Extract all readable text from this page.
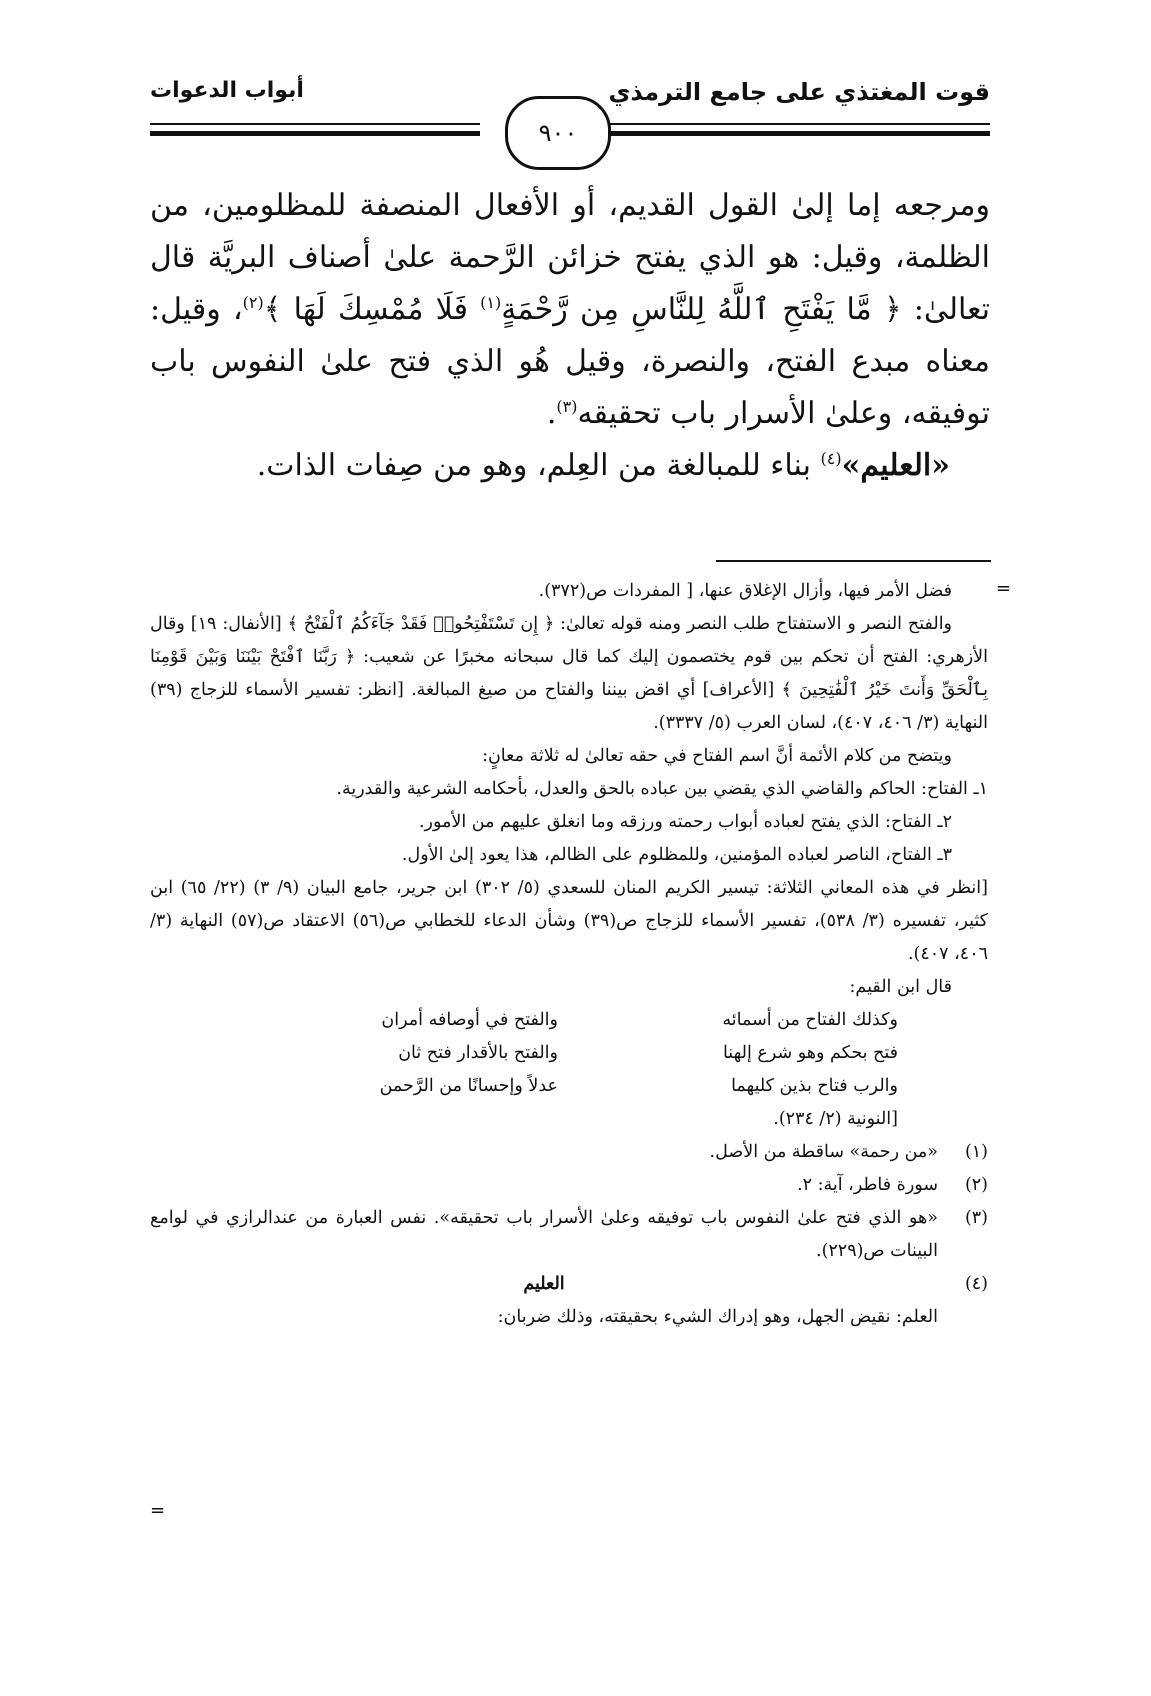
قوت المغتذي على جامع الترمذي
أبواب الدعوات
٩٠٠

ومرجعه إما إلىٰ القول القديم، أو الأفعال المنصفة للمظلومين، من الظلمة، وقيل: هو الذي يفتح خزائن الرَّحمة علىٰ أصناف البريَّة قال تعالىٰ: ﴿ مَّا يَفْتَحِ ٱللَّهُ لِلنَّاسِ مِن رَّحْمَةٍ$^{(١)}$ فَلَا مُمْسِكَ لَهَا ﴾$^{(٢)}$، وقيل: معناه مبدع الفتح، والنصرة، وقيل هُو الذي فتح علىٰ النفوس باب توفيقه، وعلىٰ الأسرار باب تحقيقه$^{(٣)}$.

«العليم»$^{(٤)}$ بناء للمبالغة من العِلم، وهو من صِفات الذات.

=

فضل الأمر فيها، وأزال الإغلاق عنها، [ المفردات ص(٣٧٢).

والفتح النصر و الاستفتاح طلب النصر ومنه قوله تعالىٰ: ﴿ إِن تَسْتَفْتِحُوا۟ فَقَدْ جَآءَكُمُ ٱلْفَتْحُ ﴾ [الأنفال: ١٩] وقال الأزهري: الفتح أن تحكم بين قوم يختصمون إليك كما قال سبحانه مخبرًا عن شعيب: ﴿ رَبَّنَا ٱفْتَحْ بَيْنَنَا وَبَيْنَ قَوْمِنَا بِٱلْحَقِّ وَأَنتَ خَيْرُ ٱلْفَٰتِحِينَ ﴾ [الأعراف] أي اقض بيننا والفتاح من صيغ المبالغة. [انظر: تفسير الأسماء للزجاج (٣٩) النهاية (٣/ ٤٠٦، ٤٠٧)، لسان العرب (٥/ ٣٣٣٧).

ويتضح من كلام الأئمة أنَّ اسم الفتاح في حقه تعالىٰ له ثلاثة معانٍ:

١ـ الفتاح: الحاكم والقاضي الذي يقضي بين عباده بالحق والعدل، بأحكامه الشرعية والقدرية.

٢ـ الفتاح: الذي يفتح لعباده أبواب رحمته ورزقه وما انغلق عليهم من الأمور.

٣ـ الفتاح، الناصر لعباده المؤمنين، وللمظلوم على الظالم، هذا يعود إلىٰ الأول.

[انظر في هذه المعاني الثلاثة: تيسير الكريم المنان للسعدي (٥/ ٣٠٢) ابن جرير، جامع البيان (٩/ ٣) (٢٢/ ٦٥) ابن كثير، تفسيره (٣/ ٥٣٨)، تفسير الأسماء للزجاج ص(٣٩) وشأن الدعاء للخطابي ص(٥٦) الاعتقاد ص(٥٧) النهاية (٣/ ٤٠٦، ٤٠٧).

قال ابن القيم:

وكذلك الفتاح من أسمائه
والفتح في أوصافه أمران
فتح بحكم وهو شرع إلهنا
والفتح بالأقدار فتح ثان
والرب فتاح بذين كليهما
عدلاً وإحسانًا من الرَّحمن
[النونية (٢/ ٢٣٤).
(١)
«من رحمة» ساقطة من الأصل.
(٢)
سورة فاطر، آية: ٢.
(٣)
«هو الذي فتح علىٰ النفوس باب توفيقه وعلىٰ الأسرار باب تحقيقه». نفس العبارة من عندالرازي في لوامع البينات ص(٢٢٩).
(٤)
العليم
العلم: نقيض الجهل، وهو إدراك الشيء بحقيقته، وذلك ضربان:
=
